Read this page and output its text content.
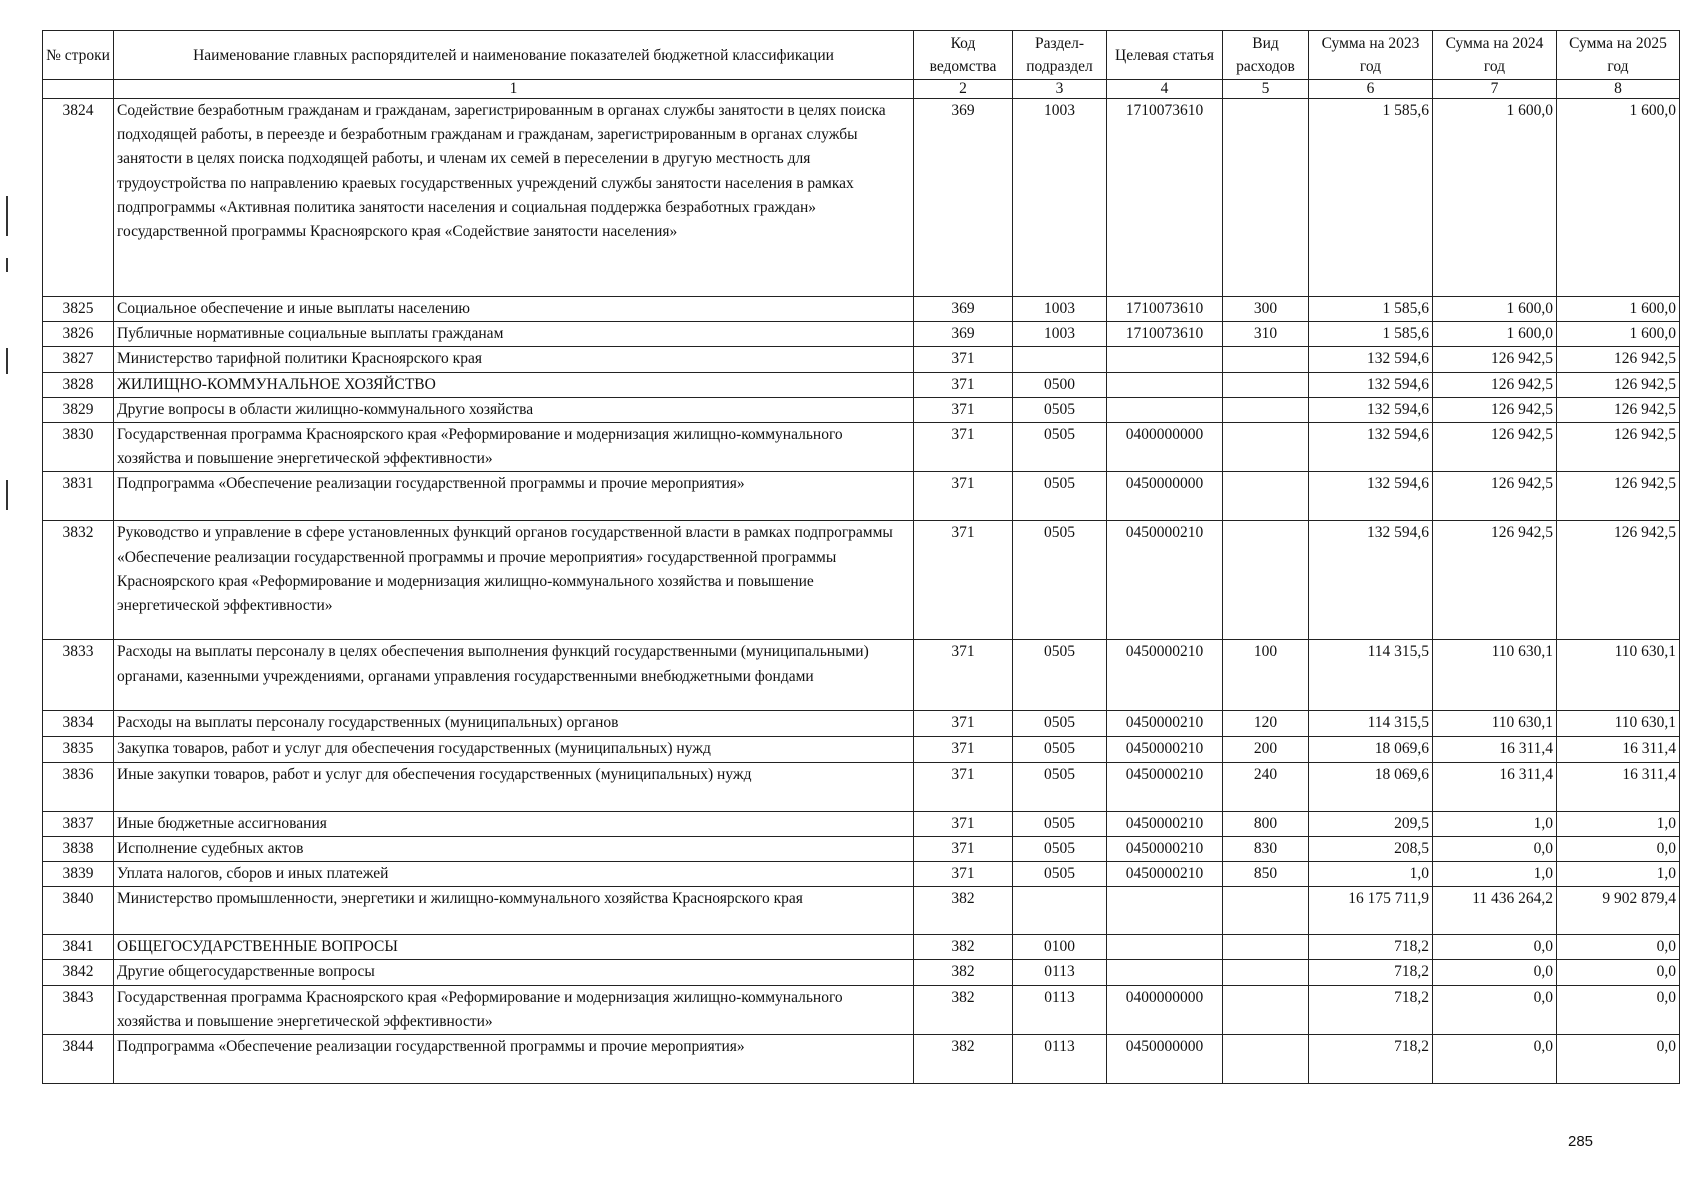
№ строки	Наименование главных распорядителей и наименование показателей бюджетной классификации	Код ведомства	Раздел-подраздел	Целевая статья	Вид расходов	Сумма на 2023 год	Сумма на 2024 год	Сумма на 2025 год
	1	2	3	4	5	6	7	8
3824	Содействие безработным гражданам и гражданам, зарегистрированным в органах службы занятости в целях поиска подходящей работы, в переезде и безработным гражданам и гражданам, зарегистрированным в органах службы занятости в целях поиска подходящей работы, и членам их семей в переселении в другую местность для трудоустройства по направлению краевых государственных учреждений службы занятости населения в рамках подпрограммы «Активная политика занятости населения и социальная поддержка безработных граждан» государственной программы Красноярского края «Содействие занятости населения»	369	1003	1710073610		1 585,6	1 600,0	1 600,0
3825	Социальное обеспечение и иные выплаты населению	369	1003	1710073610	300	1 585,6	1 600,0	1 600,0
3826	Публичные нормативные социальные выплаты гражданам	369	1003	1710073610	310	1 585,6	1 600,0	1 600,0
3827	Министерство тарифной политики Красноярского края	371				132 594,6	126 942,5	126 942,5
3828	ЖИЛИЩНО-КОММУНАЛЬНОЕ ХОЗЯЙСТВО	371	0500			132 594,6	126 942,5	126 942,5
3829	Другие вопросы в области жилищно-коммунального хозяйства	371	0505			132 594,6	126 942,5	126 942,5
3830	Государственная программа Красноярского края «Реформирование и модернизация жилищно-коммунального хозяйства и повышение энергетической эффективности»	371	0505	0400000000		132 594,6	126 942,5	126 942,5
3831	Подпрограмма «Обеспечение реализации государственной программы и прочие мероприятия»	371	0505	0450000000		132 594,6	126 942,5	126 942,5
3832	Руководство и управление в сфере установленных функций органов государственной власти в рамках подпрограммы «Обеспечение реализации государственной программы и прочие мероприятия» государственной программы Красноярского края «Реформирование и модернизация жилищно-коммунального хозяйства и повышение энергетической эффективности»	371	0505	0450000210		132 594,6	126 942,5	126 942,5
3833	Расходы на выплаты персоналу в целях обеспечения выполнения функций государственными (муниципальными) органами, казенными учреждениями, органами управления государственными внебюджетными фондами	371	0505	0450000210	100	114 315,5	110 630,1	110 630,1
3834	Расходы на выплаты персоналу государственных (муниципальных) органов	371	0505	0450000210	120	114 315,5	110 630,1	110 630,1
3835	Закупка товаров, работ и услуг для обеспечения государственных (муниципальных) нужд	371	0505	0450000210	200	18 069,6	16 311,4	16 311,4
3836	Иные закупки товаров, работ и услуг для обеспечения государственных (муниципальных) нужд	371	0505	0450000210	240	18 069,6	16 311,4	16 311,4
3837	Иные бюджетные ассигнования	371	0505	0450000210	800	209,5	1,0	1,0
3838	Исполнение судебных актов	371	0505	0450000210	830	208,5	0,0	0,0
3839	Уплата налогов, сборов и иных платежей	371	0505	0450000210	850	1,0	1,0	1,0
3840	Министерство промышленности, энергетики и жилищно-коммунального хозяйства Красноярского края	382				16 175 711,9	11 436 264,2	9 902 879,4
3841	ОБЩЕГОСУДАРСТВЕННЫЕ ВОПРОСЫ	382	0100			718,2	0,0	0,0
3842	Другие общегосударственные вопросы	382	0113			718,2	0,0	0,0
3843	Государственная программа Красноярского края «Реформирование и модернизация жилищно-коммунального хозяйства и повышение энергетической эффективности»	382	0113	0400000000		718,2	0,0	0,0
3844	Подпрограмма «Обеспечение реализации государственной программы и прочие мероприятия»	382	0113	0450000000		718,2	0,0	0,0
285
